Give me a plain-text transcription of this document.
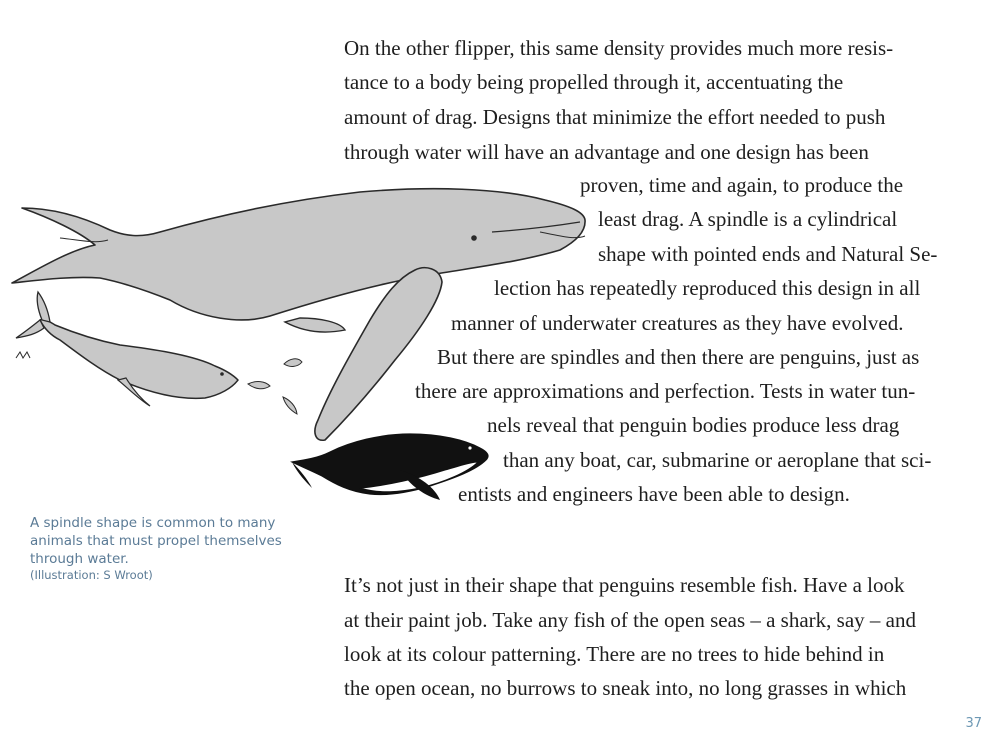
On the other flipper, this same density provides much more resis-
tance to a body being propelled through it, accentuating the
amount of drag. Designs that minimize the effort needed to push
through water will have an advantage and one design has been
proven, time and again, to produce the
least drag. A spindle is a cylindrical
shape with pointed ends and Natural Se-
lection has repeatedly reproduced this design in all
manner of underwater creatures as they have evolved.
But there are spindles and then there are penguins, just as
there are approximations and perfection. Tests in water tun-
nels reveal that penguin bodies produce less drag
than any boat, car, submarine or aeroplane that sci-
entists and engineers have been able to design.
A spindle shape is common to many animals that must propel themselves through water.
(Illustration: S Wroot)	It’s not just in their shape that penguins resemble fish. Have a look
at their paint job. Take any fish of the open seas – a shark, say – and
look at its colour patterning. There are no trees to hide behind in
the open ocean, no burrows to sneak into, no long grasses in which
37
